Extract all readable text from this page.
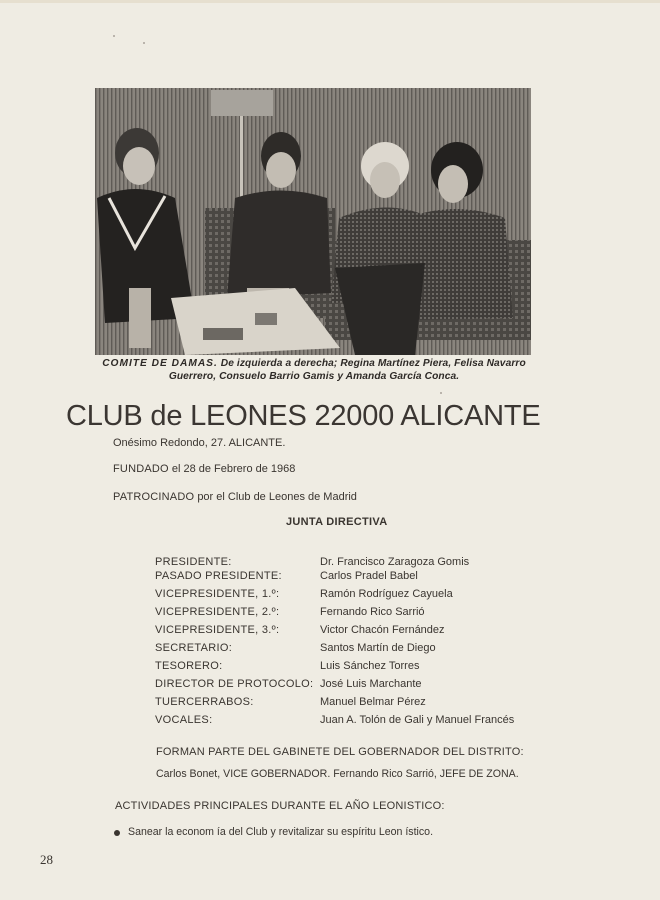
COMITE DE DAMAS. De izquierda a derecha; Regina Martínez Piera, Felisa Navarro Guerrero, Consuelo Barrio Gamis y Amanda García Conca.
CLUB de LEONES 22000 ALICANTE
Onésimo Redondo, 27. ALICANTE.
FUNDADO el 28 de Febrero de 1968
PATROCINADO por el Club de Leones de Madrid
JUNTA DIRECTIVA
PRESIDENTE:	Dr. Francisco Zaragoza Gomis
PASADO PRESIDENTE:	Carlos Pradel Babel
VICEPRESIDENTE, 1.º:	Ramón Rodríguez Cayuela
VICEPRESIDENTE, 2.º:	Fernando Rico Sarrió
VICEPRESIDENTE, 3.º:	Victor Chacón Fernández
SECRETARIO:	Santos Martín de Diego
TESORERO:	Luis Sánchez Torres
DIRECTOR DE PROTOCOLO: José Luis Marchante
TUERCERRABOS:	Manuel Belmar Pérez
VOCALES:	Juan A. Tolón de Gali y Manuel Francés
FORMAN PARTE DEL GABINETE DEL GOBERNADOR DEL DISTRITO:
Carlos Bonet, VICE GOBERNADOR. Fernando Rico Sarrió, JEFE DE ZONA.
ACTIVIDADES PRINCIPALES DURANTE EL AÑO LEONISTICO:
Sanear la econom ía del Club y revitalizar su espíritu Leon ístico.
28
